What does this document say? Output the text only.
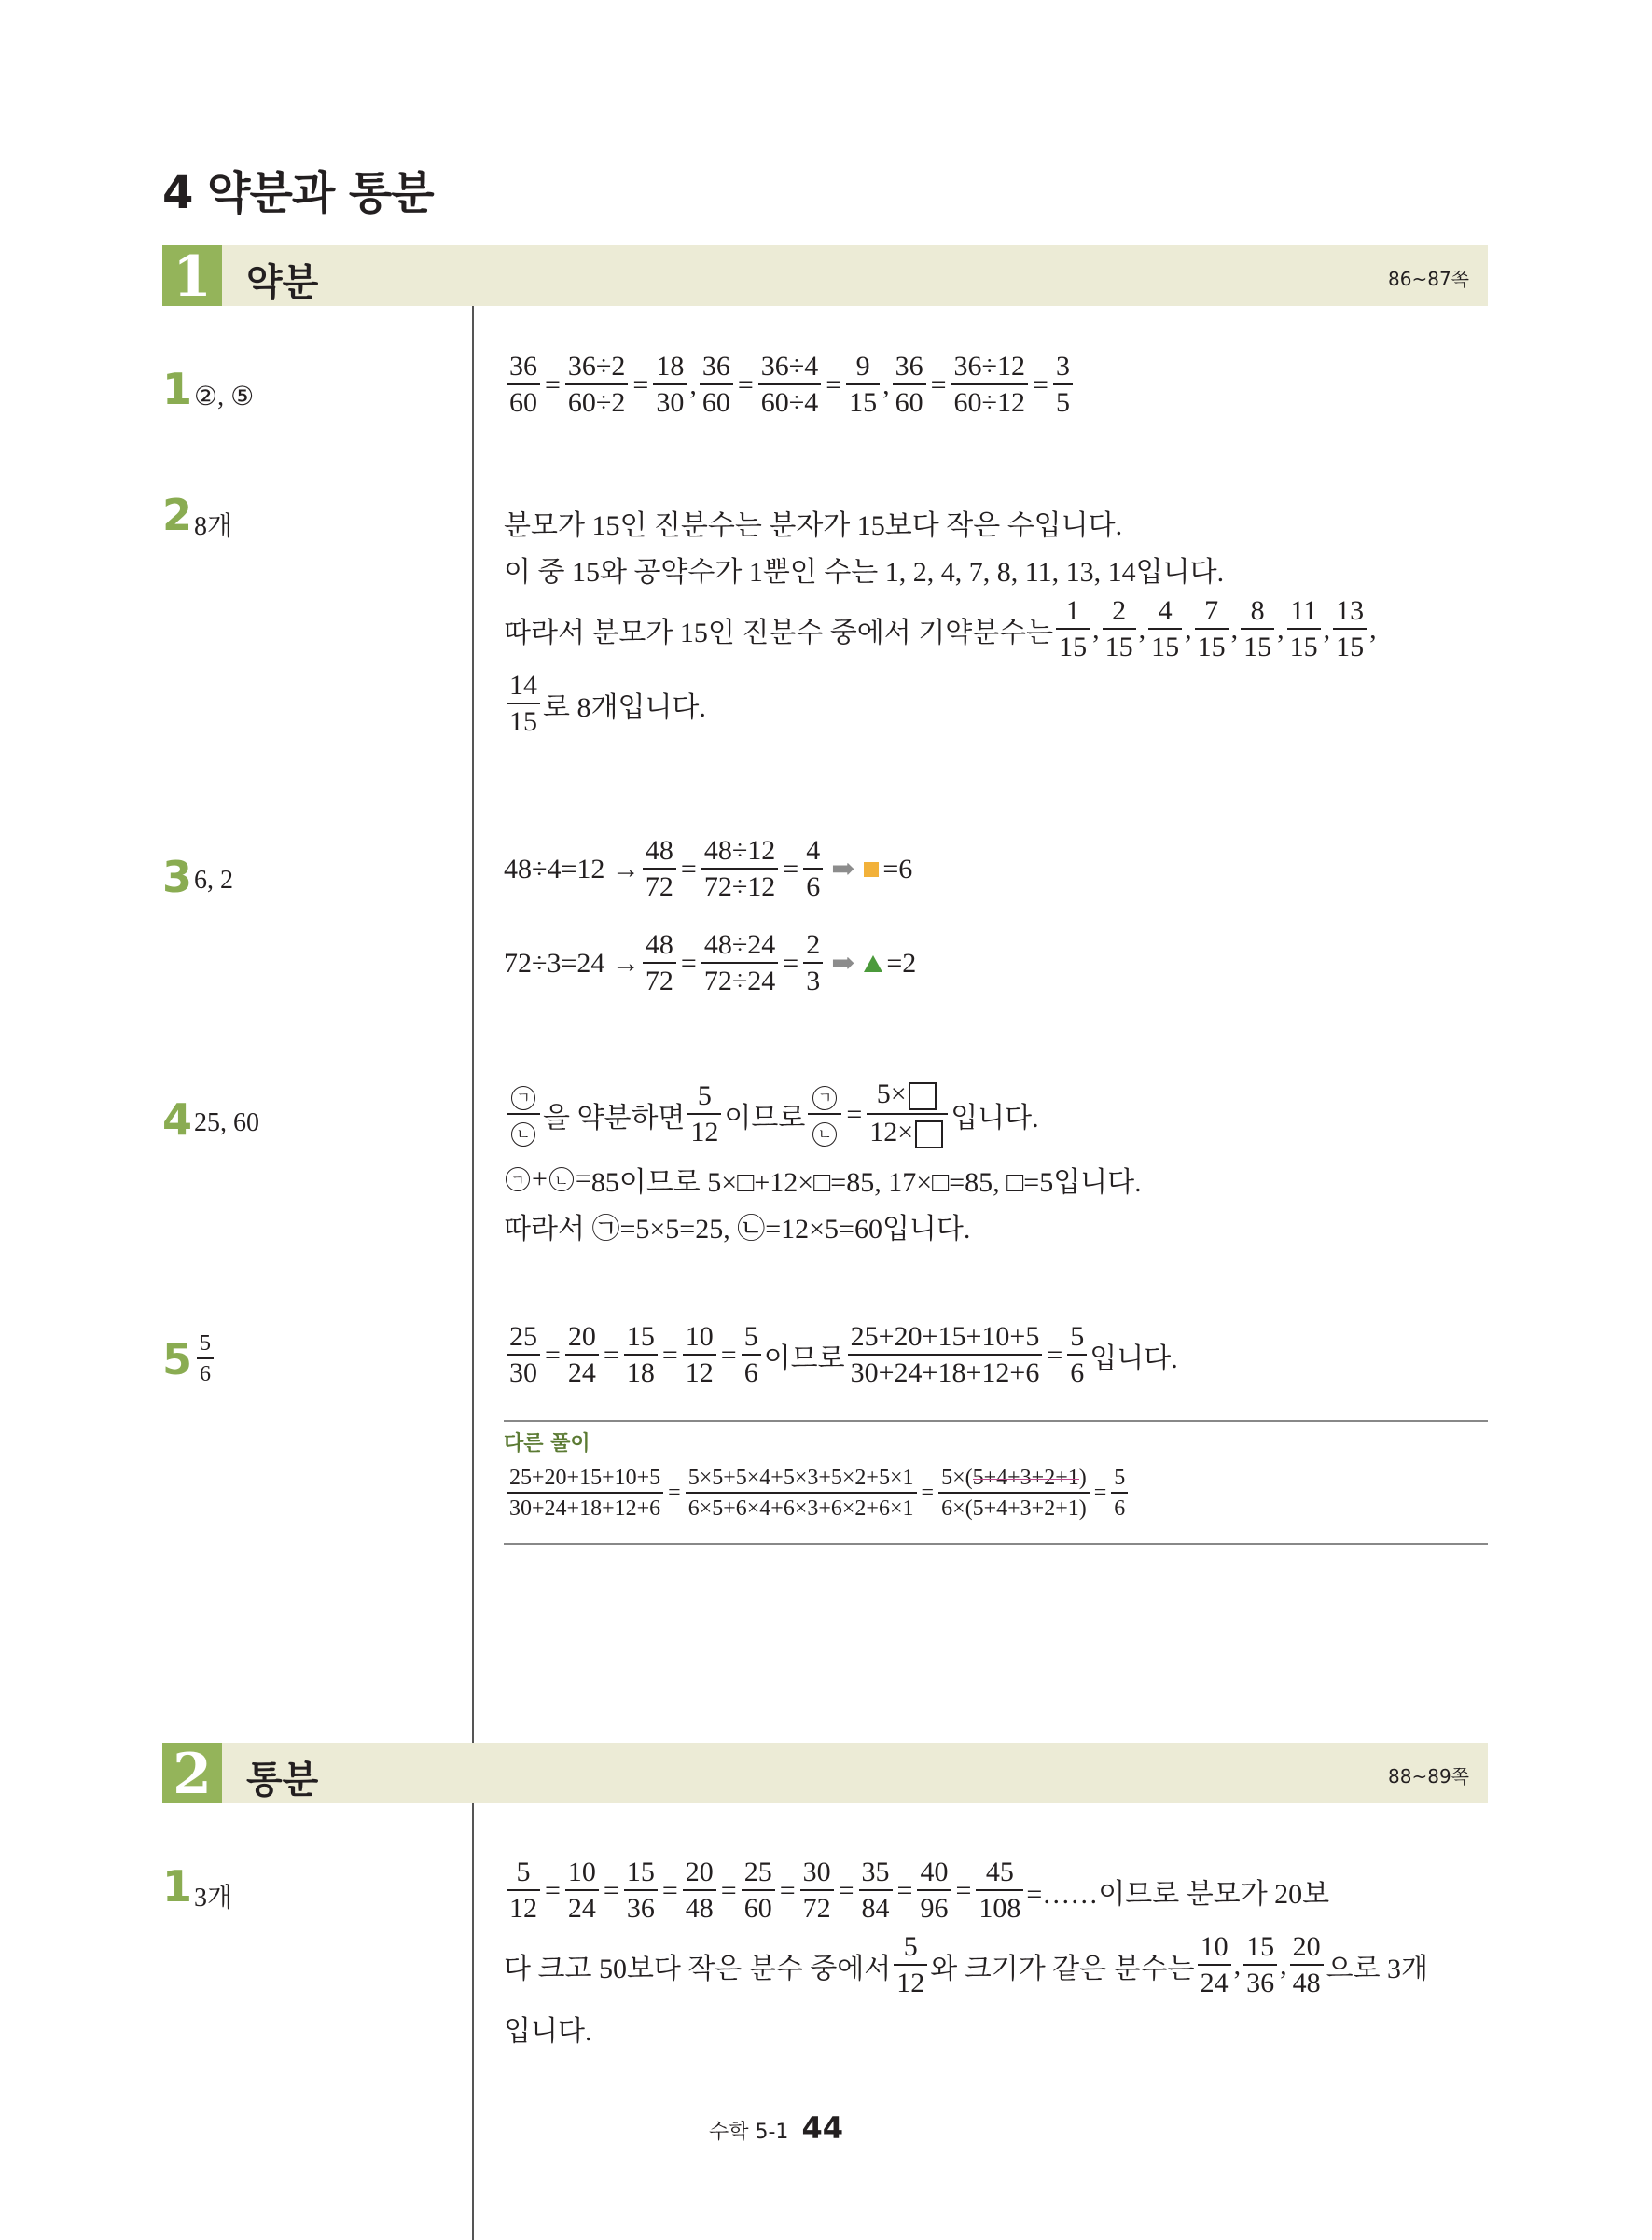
4 약분과 통분
1 약분	86~87쪽
1 ②, ⑤	$\frac{36}{60} = \frac{36\div 2}{60\div 2} = \frac{18}{30}$ , $\frac{36}{60} = \frac{36\div 4}{60\div 4} = \frac{9}{15}$ , $\frac{36}{60} = \frac{36\div 12}{60\div 12} = \frac{3}{5}$
2 8개	분모가 15인 진분수는 분자가 15보다 작은 수입니다.
이 중 15와 공약수가 1뿐인 수는 1, 2, 4, 7, 8, 11, 13, 14입니다.
따라서 분모가 15인 진분수 중에서 기약분수는 $\frac{1}{15}$ , $\frac{2}{15}$ , $\frac{4}{15}$ , $\frac{7}{15}$ , $\frac{8}{15}$ , $\frac{11}{15}$ , $\frac{13}{15}$ ,
$\frac{14}{15}$ 로 8개입니다.
3 6, 2	$48\div 4=12 \to \frac{48}{72} = \frac{48\div 12}{72\div 12} = \frac{4}{6}$ ➡ =6
$72\div 3=24 \to \frac{48}{72} = \frac{48\div 24}{72\div 24} = \frac{2}{3}$ ➡ =2
4 25, 60	$\frac{\text{ㄱ}}{\text{ㄴ}}$ 을 약분하면 $\frac{5}{12}$ 이므로 $\frac{\text{ㄱ}}{\text{ㄴ}} = \frac{5\times}{12\times}$ 입니다.
ㄱ + ㄴ = 85이므로 5×□+12×□=85, 17×□=85, □=5입니다.
따라서 ㉠=5×5=25, ㉡=12×5=60입니다.
$5 \frac{5}{6}$	$\frac{25}{30} = \frac{20}{24} = \frac{15}{18} = \frac{10}{12} = \frac{5}{6}$ 이므로 $\frac{25+20+15+10+5}{30+24+18+12+6} = \frac{5}{6}$ 입니다.
다른 풀이
$\frac{25+20+15+10+5}{30+24+18+12+6} = \frac{5\times 5+5\times 4+5\times 3+5\times 2+5\times 1}{6\times 5+6\times 4+6\times 3+6\times 2+6\times 1} = \frac{5\times(5+4+3+2+1)}{6\times(5+4+3+2+1)} = \frac{5}{6}$
2 통분	88~89쪽
1 3개	$\frac{5}{12} = \frac{10}{24} = \frac{15}{36} = \frac{20}{48} = \frac{25}{60} = \frac{30}{72} = \frac{35}{84} = \frac{40}{96} = \frac{45}{108}$ =……이므로 분모가 20보
다 크고 50보다 작은 분수 중에서 $\frac{5}{12}$ 와 크기가 같은 분수는 $\frac{10}{24}$ , $\frac{15}{36}$ , $\frac{20}{48}$ 으로 3개
입니다.
수학 5-1 44
